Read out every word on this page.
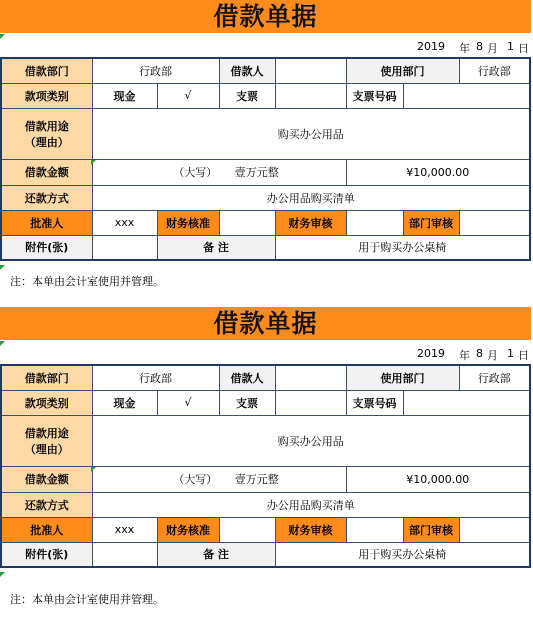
借款单据
2019 年 8 月 1 日
借款部门	行政部		借款人		使用部门		行政部
款项类别	现金	√	支票		支票号码		

借款用途
（理由）	购买办公用品						
借款金额	（大写） 壹万元整				¥10,000.00		
还款方式	办公用品购买清单						
批准人	xxx	财务核准		财务审核		部门审核	
附件(张)		备 注		用于购买办公桌椅			
注：本单由会计室使用并管理。
借款单据
2019 年 8 月 1 日
借款部门	行政部		借款人		使用部门		行政部
款项类别	现金	√	支票		支票号码		

借款用途
（理由）	购买办公用品						
借款金额	（大写） 壹万元整				¥10,000.00		
还款方式	办公用品购买清单						
批准人	xxx	财务核准		财务审核		部门审核	
附件(张)		备 注		用于购买办公桌椅			
注：本单由会计室使用并管理。
